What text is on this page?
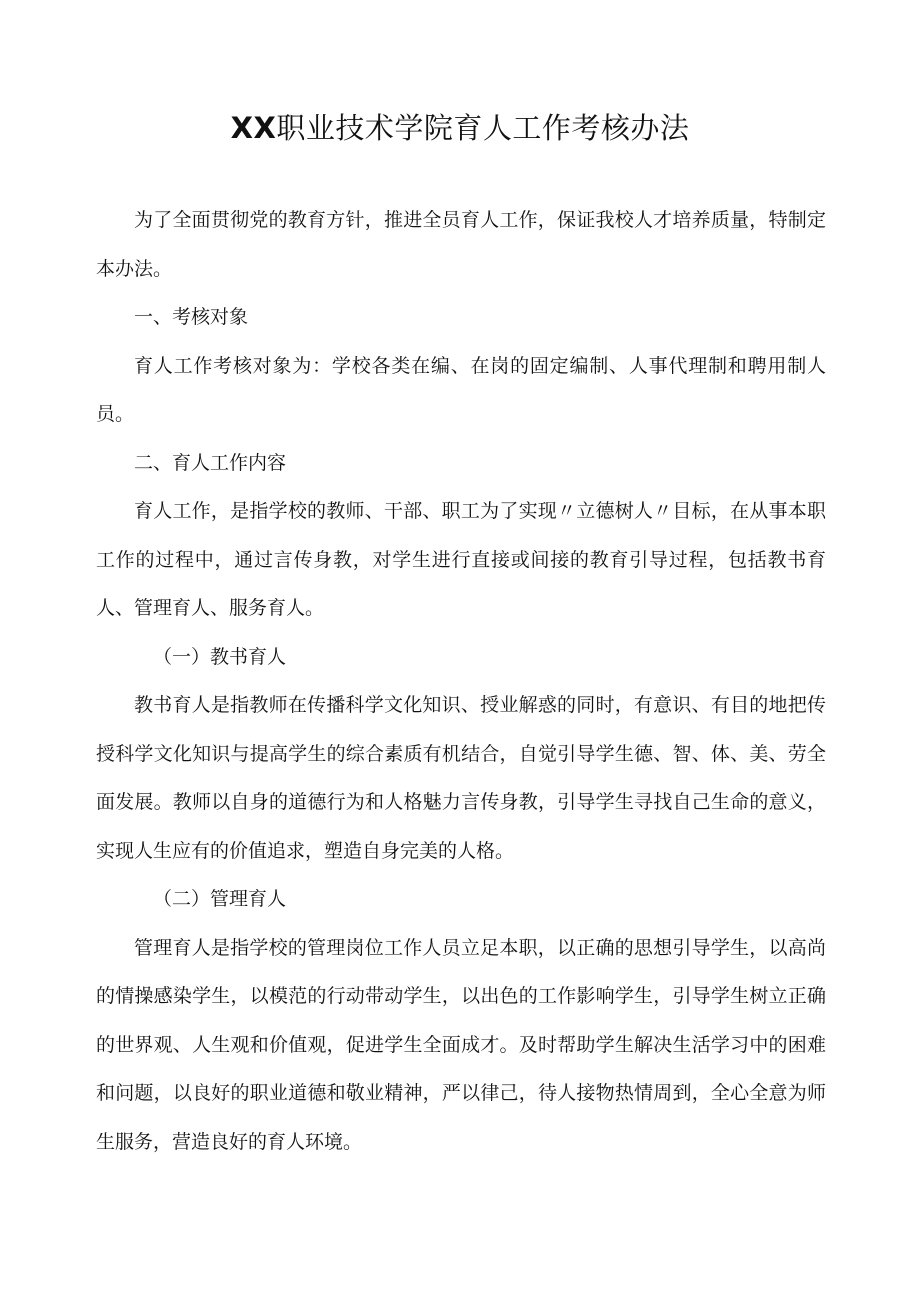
XX职业技术学院育人工作考核办法

为了全面贯彻党的教育方针，推进全员育人工作，保证我校人才培养质量，特制定本办法。

一、考核对象

育人工作考核对象为：学校各类在编、在岗的固定编制、人事代理制和聘用制人员。

二、育人工作内容

育人工作，是指学校的教师、干部、职工为了实现〃立德树人〃目标，在从事本职工作的过程中，通过言传身教，对学生进行直接或间接的教育引导过程，包括教书育人、管理育人、服务育人。

（一）教书育人

教书育人是指教师在传播科学文化知识、授业解惑的同时，有意识、有目的地把传授科学文化知识与提高学生的综合素质有机结合，自觉引导学生德、智、体、美、劳全面发展。教师以自身的道德行为和人格魅力言传身教，引导学生寻找自己生命的意义，实现人生应有的价值追求，塑造自身完美的人格。

（二）管理育人

管理育人是指学校的管理岗位工作人员立足本职，以正确的思想引导学生，以高尚的情操感染学生，以模范的行动带动学生，以出色的工作影响学生，引导学生树立正确的世界观、人生观和价值观，促进学生全面成才。及时帮助学生解决生活学习中的困难和问题，以良好的职业道德和敬业精神，严以律己，待人接物热情周到，全心全意为师生服务，营造良好的育人环境。
